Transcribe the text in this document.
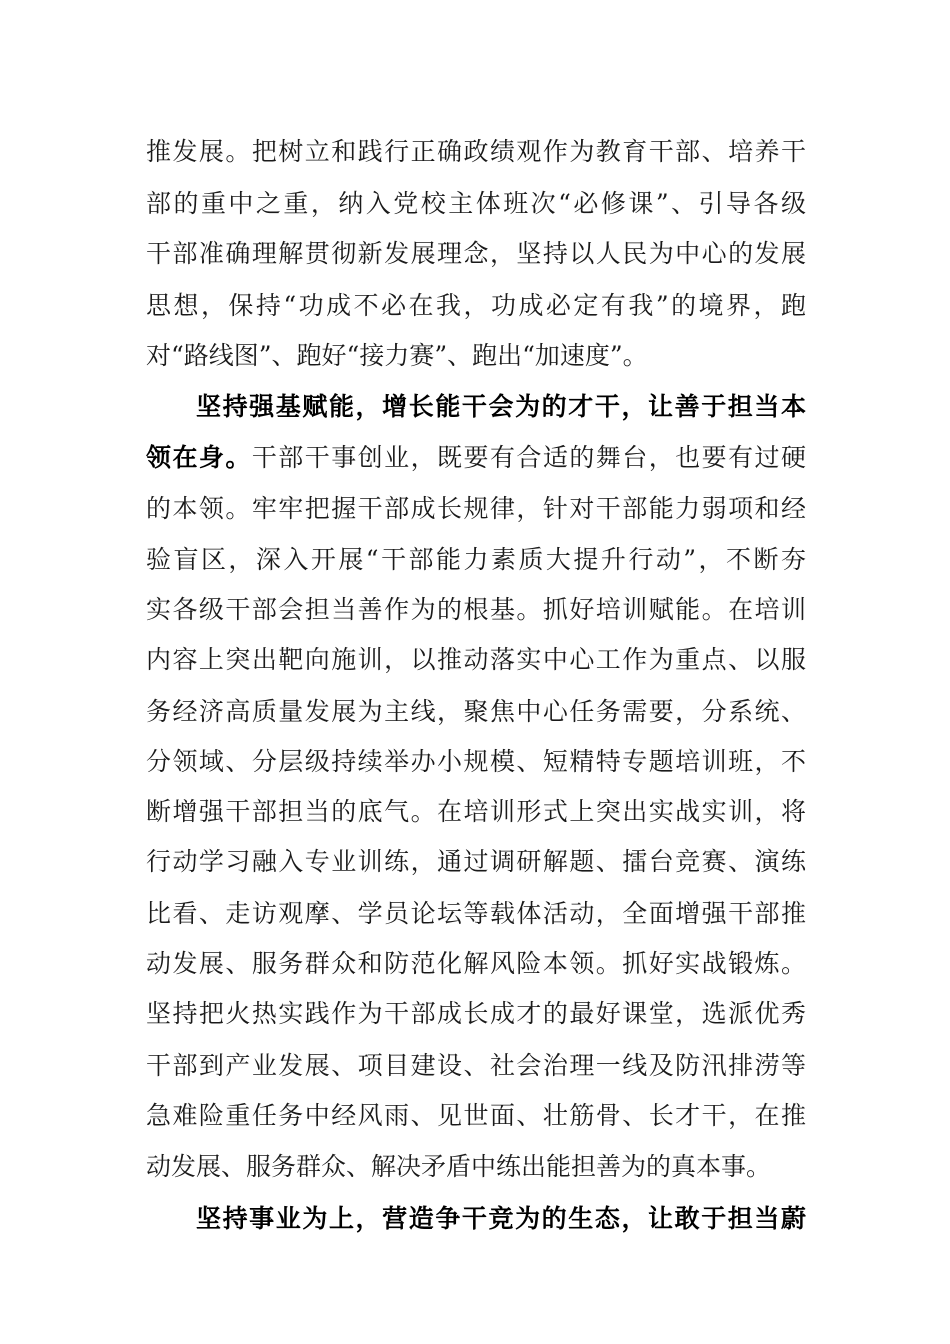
推发展。把树立和践行正确政绩观作为教育干部、培养干
部的重中之重，纳入党校主体班次“必修课”、引导各级
干部准确理解贯彻新发展理念，坚持以人民为中心的发展
思想，保持“功成不必在我，功成必定有我”的境界，跑
对“路线图”、跑好“接力赛”、跑出“加速度”。
坚持强基赋能，增长能干会为的才干，让善于担当本
领在身。干部干事创业，既要有合适的舞台，也要有过硬
的本领。牢牢把握干部成长规律，针对干部能力弱项和经
验盲区，深入开展“干部能力素质大提升行动”，不断夯
实各级干部会担当善作为的根基。抓好培训赋能。在培训
内容上突出靶向施训，以推动落实中心工作为重点、以服
务经济高质量发展为主线，聚焦中心任务需要，分系统、
分领域、分层级持续举办小规模、短精特专题培训班，不
断增强干部担当的底气。在培训形式上突出实战实训，将
行动学习融入专业训练，通过调研解题、擂台竞赛、演练
比看、走访观摩、学员论坛等载体活动，全面增强干部推
动发展、服务群众和防范化解风险本领。抓好实战锻炼。
坚持把火热实践作为干部成长成才的最好课堂，选派优秀
干部到产业发展、项目建设、社会治理一线及防汛排涝等
急难险重任务中经风雨、见世面、壮筋骨、长才干，在推
动发展、服务群众、解决矛盾中练出能担善为的真本事。
坚持事业为上，营造争干竞为的生态，让敢于担当蔚
